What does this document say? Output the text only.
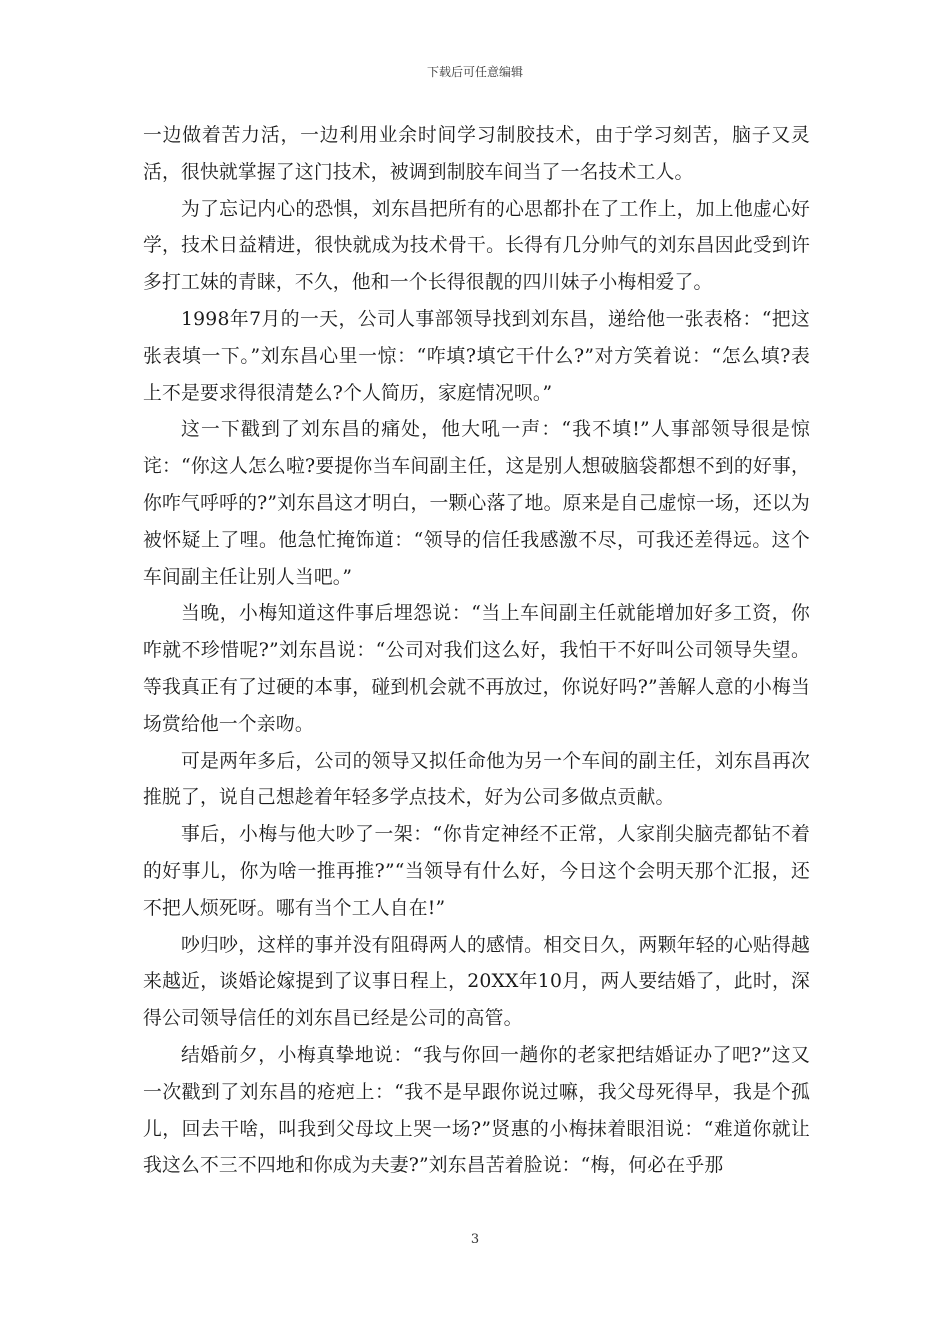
下载后可任意编辑

一边做着苦力活，一边利用业余时间学习制胶技术，由于学习刻苦，脑子又灵活，很快就掌握了这门技术，被调到制胶车间当了一名技术工人。

为了忘记内心的恐惧，刘东昌把所有的心思都扑在了工作上，加上他虚心好学，技术日益精进，很快就成为技术骨干。长得有几分帅气的刘东昌因此受到许多打工妹的青睐，不久，他和一个长得很靓的四川妹子小梅相爱了。

1998年7月的一天，公司人事部领导找到刘东昌，递给他一张表格：“把这张表填一下。”刘东昌心里一惊：“咋填?填它干什么?”对方笑着说：“怎么填?表上不是要求得很清楚么?个人简历，家庭情况呗。”

这一下戳到了刘东昌的痛处，他大吼一声：“我不填!”人事部领导很是惊诧：“你这人怎么啦?要提你当车间副主任，这是别人想破脑袋都想不到的好事，你咋气呼呼的?”刘东昌这才明白，一颗心落了地。原来是自己虚惊一场，还以为被怀疑上了哩。他急忙掩饰道：“领导的信任我感激不尽，可我还差得远。这个车间副主任让别人当吧。”

当晚，小梅知道这件事后埋怨说：“当上车间副主任就能增加好多工资，你咋就不珍惜呢?”刘东昌说：“公司对我们这么好，我怕干不好叫公司领导失望。等我真正有了过硬的本事，碰到机会就不再放过，你说好吗?”善解人意的小梅当场赏给他一个亲吻。

可是两年多后，公司的领导又拟任命他为另一个车间的副主任，刘东昌再次推脱了，说自己想趁着年轻多学点技术，好为公司多做点贡献。

事后，小梅与他大吵了一架：“你肯定神经不正常，人家削尖脑壳都钻不着的好事儿，你为啥一推再推?”“当领导有什么好，今日这个会明天那个汇报，还不把人烦死呀。哪有当个工人自在!”

吵归吵，这样的事并没有阻碍两人的感情。相交日久，两颗年轻的心贴得越来越近，谈婚论嫁提到了议事日程上，20XX年10月，两人要结婚了，此时，深得公司领导信任的刘东昌已经是公司的高管。

结婚前夕，小梅真挚地说：“我与你回一趟你的老家把结婚证办了吧?”这又一次戳到了刘东昌的疮疤上：“我不是早跟你说过嘛，我父母死得早，我是个孤儿，回去干啥，叫我到父母坟上哭一场?”贤惠的小梅抹着眼泪说：“难道你就让我这么不三不四地和你成为夫妻?”刘东昌苦着脸说：“梅，何必在乎那

3
